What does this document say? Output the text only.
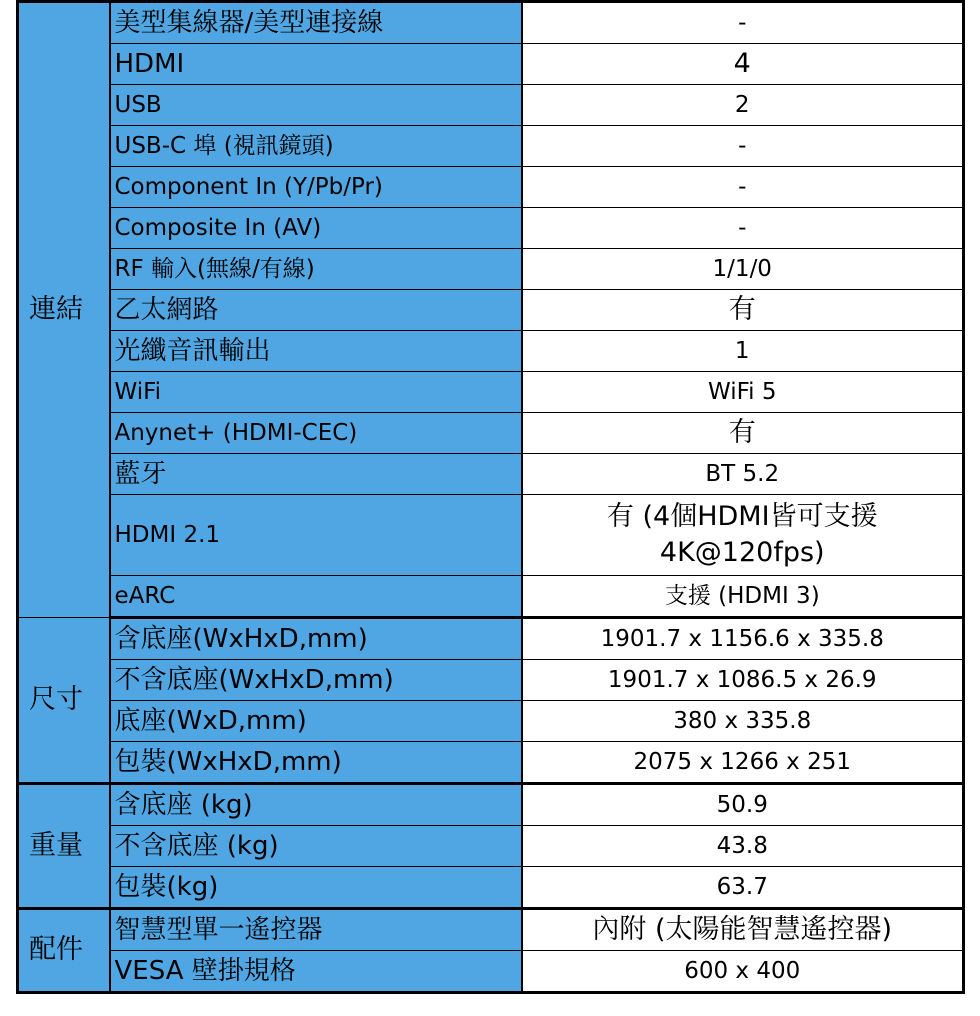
連結	美型集線器/美型連接線	-
	HDMI	4
	USB	2
	USB-C 埠 (視訊鏡頭)	-
	Component In (Y/Pb/Pr)	-
	Composite In (AV)	-
	RF 輸入(無線/有線)	1/1/0
	乙太網路	有
	光纖音訊輸出	1
	WiFi	WiFi 5
	Anynet+ (HDMI-CEC)	有
	藍牙	BT 5.2
	HDMI 2.1	有 (4個HDMI皆可支援 4K@120fps)
	eARC	支援 (HDMI 3)
尺寸	含底座(WxHxD,mm)	1901.7 x 1156.6 x 335.8
	不含底座(WxHxD,mm)	1901.7 x 1086.5 x 26.9
	底座(WxD,mm)	380 x 335.8
	包裝(WxHxD,mm)	2075 x 1266 x 251
重量	含底座 (kg)	50.9
	不含底座 (kg)	43.8
	包裝(kg)	63.7
配件	智慧型單一遙控器	內附 (太陽能智慧遙控器)
	VESA 壁掛規格	600 x 400
